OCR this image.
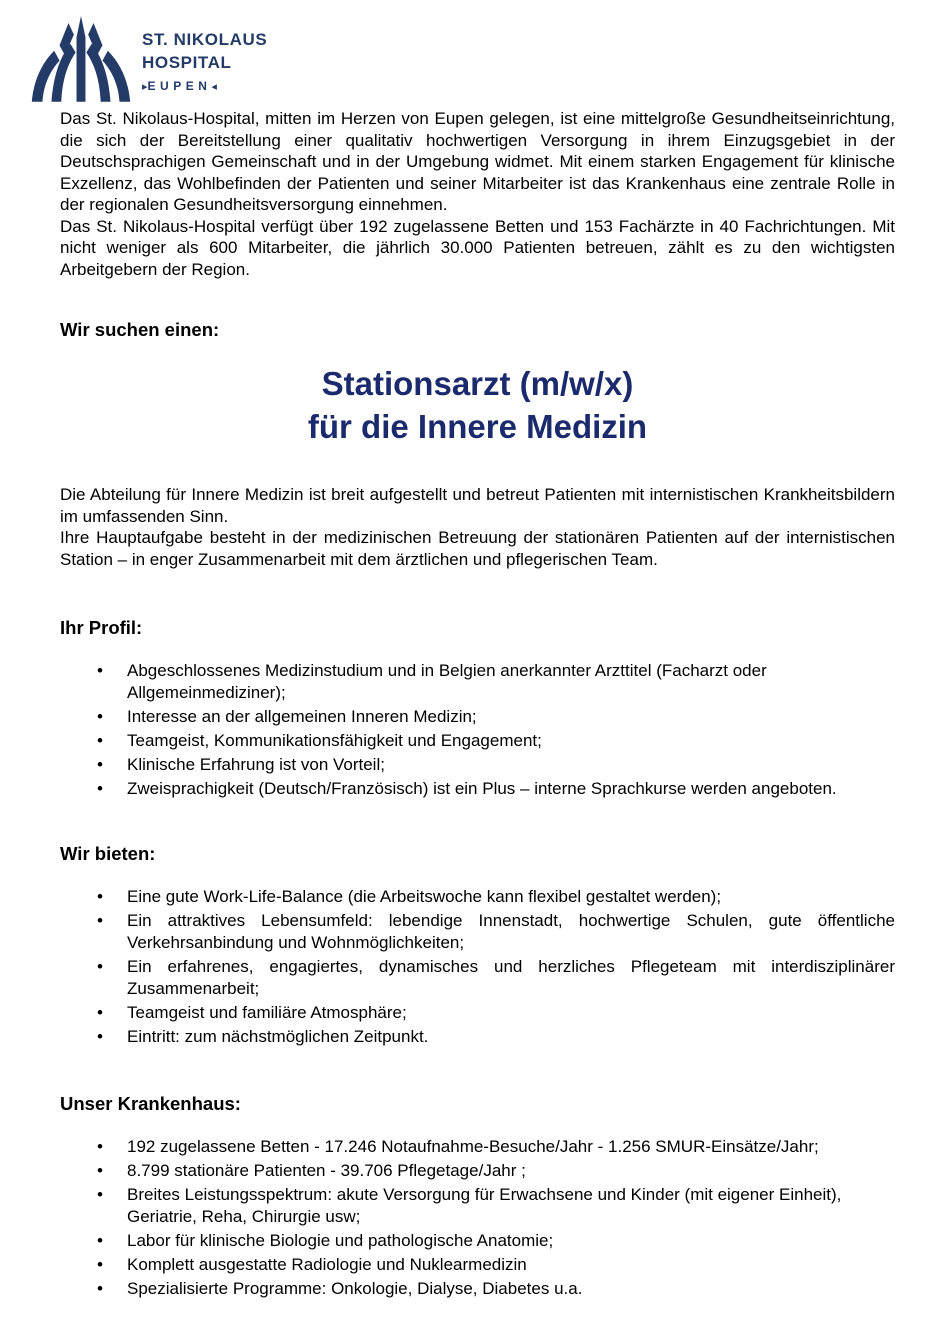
ST. NIKOLAUS
HOSPITAL
▸EUPEN◂

Das St. Nikolaus-Hospital, mitten im Herzen von Eupen gelegen, ist eine mittelgroße Gesundheitseinrichtung, die sich der Bereitstellung einer qualitativ hochwertigen Versorgung in ihrem Einzugsgebiet in der Deutschsprachigen Gemeinschaft und in der Umgebung widmet. Mit einem starken Engagement für klinische Exzellenz, das Wohlbefinden der Patienten und seiner Mitarbeiter ist das Krankenhaus eine zentrale Rolle in der regionalen Gesundheitsversorgung einnehmen.

Das St. Nikolaus-Hospital verfügt über 192 zugelassene Betten und 153 Fachärzte in 40 Fachrichtungen. Mit nicht weniger als 600 Mitarbeiter, die jährlich 30.000 Patienten betreuen, zählt es zu den wichtigsten Arbeitgebern der Region.

Wir suchen einen:
Stationsarzt (m/w/x)
für die Innere Medizin

Die Abteilung für Innere Medizin ist breit aufgestellt und betreut Patienten mit internistischen Krankheitsbildern im umfassenden Sinn.

Ihre Hauptaufgabe besteht in der medizinischen Betreuung der stationären Patienten auf der internistischen Station – in enger Zusammenarbeit mit dem ärztlichen und pflegerischen Team.

Ihr Profil:
• Abgeschlossenes Medizinstudium und in Belgien anerkannter Arzttitel (Facharzt oder Allgemeinmediziner);
• Interesse an der allgemeinen Inneren Medizin;
• Teamgeist, Kommunikationsfähigkeit und Engagement;
• Klinische Erfahrung ist von Vorteil;
• Zweisprachigkeit (Deutsch/Französisch) ist ein Plus – interne Sprachkurse werden angeboten.
Wir bieten:
• Eine gute Work-Life-Balance (die Arbeitswoche kann flexibel gestaltet werden);
• Ein attraktives Lebensumfeld: lebendige Innenstadt, hochwertige Schulen, gute öffentliche Verkehrsanbindung und Wohnmöglichkeiten;
• Ein erfahrenes, engagiertes, dynamisches und herzliches Pflegeteam mit interdisziplinärer Zusammenarbeit;
• Teamgeist und familiäre Atmosphäre;
• Eintritt: zum nächstmöglichen Zeitpunkt.
Unser Krankenhaus:
• 192 zugelassene Betten - 17.246 Notaufnahme-Besuche/Jahr - 1.256 SMUR-Einsätze/Jahr;
• 8.799 stationäre Patienten - 39.706 Pflegetage/Jahr ;
• Breites Leistungsspektrum: akute Versorgung für Erwachsene und Kinder (mit eigener Einheit), Geriatrie, Reha, Chirurgie usw;
• Labor für klinische Biologie und pathologische Anatomie;
• Komplett ausgestatte Radiologie und Nuklearmedizin
• Spezialisierte Programme: Onkologie, Dialyse, Diabetes u.a.
